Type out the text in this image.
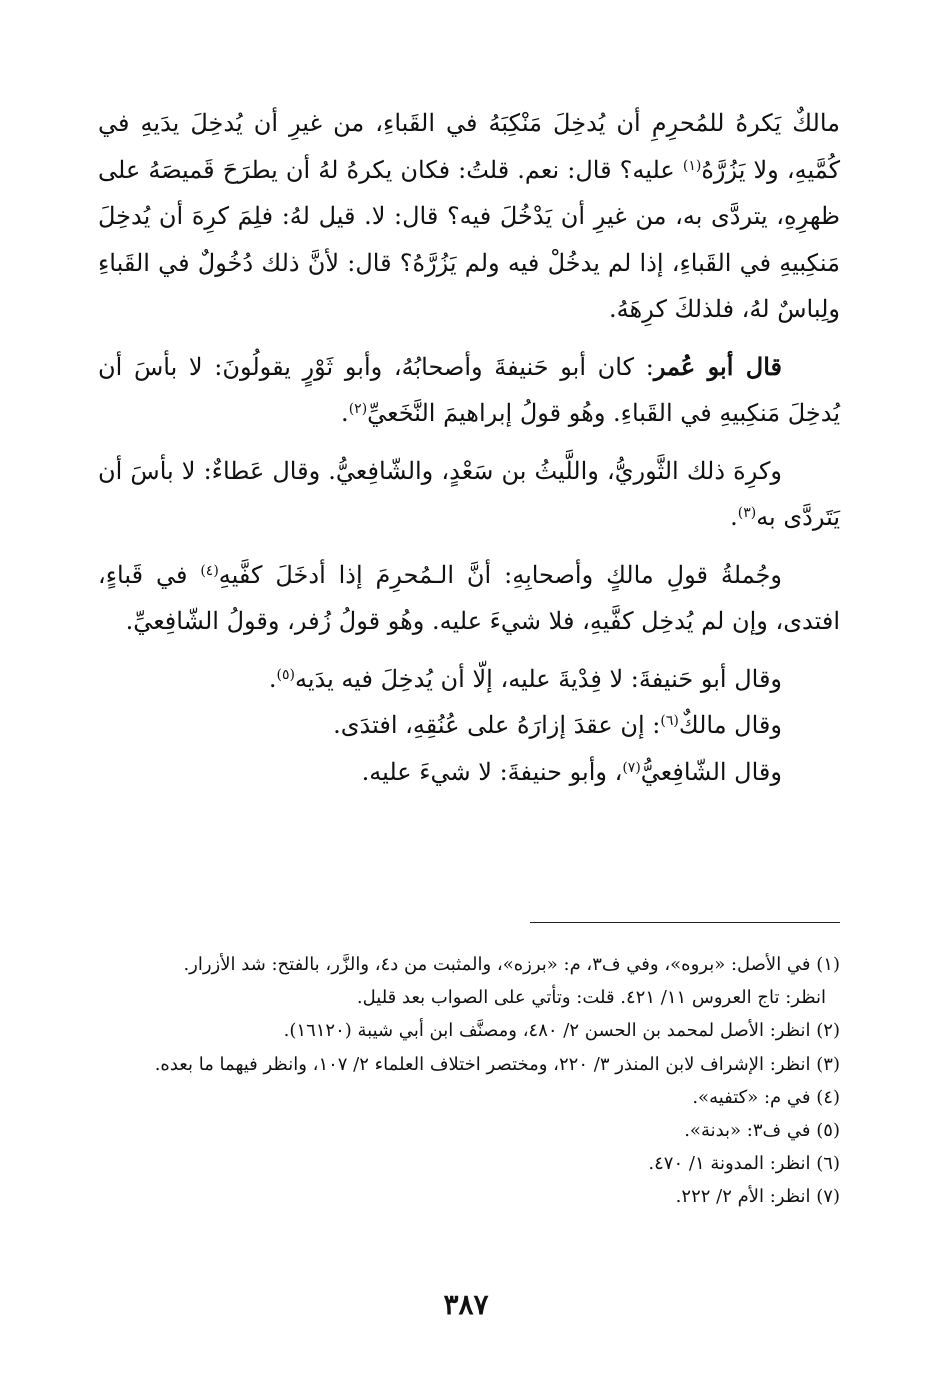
مالكٌ يَكرهُ للمُحرِمِ أن يُدخِلَ مَنْكِبَهُ في القَباءِ، من غيرِ أن يُدخِلَ يدَيهِ في كُمَّيهِ، ولا يَزُرَّهُ$^{(١)}$ عليه؟ قال: نعم. قلتُ: فكان يكرهُ لهُ أن يطرَحَ قَميصَهُ على ظهرِهِ، يتردَّى به، من غيرِ أن يَدْخُلَ فيه؟ قال: لا. قيل لهُ: فلِمَ كرِهَ أن يُدخِلَ مَنكِبيهِ في القَباءِ، إذا لم يدخُلْ فيه ولم يَزُرَّهُ؟ قال: لأنَّ ذلك دُخُولٌ في القَباءِ ولِباسٌ لهُ، فلذلكَ كرِهَهُ.

قال أبو عُمر: كان أبو حَنيفةَ وأصحابُهُ، وأبو ثَوْرٍ يقولُونَ: لا بأسَ أن يُدخِلَ مَنكِبيهِ في القَباءِ. وهُو قولُ إبراهيمَ النَّخَعيِّ$^{(٢)}$.

وكرِهَ ذلك الثَّوريُّ، واللَّيثُ بن سَعْدٍ، والشّافِعيُّ. وقال عَطاءٌ: لا بأسَ أن يَتَردَّى به$^{(٣)}$.

وجُملةُ قولِ مالكٍ وأصحابِهِ: أنَّ الـمُحرِمَ إذا أدخَلَ كفَّيهِ$^{(٤)}$ في قَباءٍ، افتدى، وإن لم يُدخِل كفَّيهِ، فلا شيءَ عليه. وهُو قولُ زُفر، وقولُ الشّافِعيِّ.

وقال أبو حَنيفةَ: لا فِدْيةَ عليه، إلّا أن يُدخِلَ فيه يدَيه$^{(٥)}$.

وقال مالكٌ$^{(٦)}$: إن عقدَ إزارَهُ على عُنُقِهِ، افتدَى.

وقال الشّافِعيُّ$^{(٧)}$، وأبو حنيفةَ: لا شيءَ عليه.

(١) في الأصل: «بروه»، وفي ف٣، م: «برزه»، والمثبت من د٤، والزَّر، بالفتح: شد الأزرار.

انظر: تاج العروس ١١/ ٤٢١. قلت: وتأتي على الصواب بعد قليل.

(٢) انظر: الأصل لمحمد بن الحسن ٢/ ٤٨٠، ومصنَّف ابن أبي شيبة (١٦١٢٠).

(٣) انظر: الإشراف لابن المنذر ٣/ ٢٢٠، ومختصر اختلاف العلماء ٢/ ١٠٧، وانظر فيهما ما بعده.

(٤) في م: «كتفيه».

(٥) في ف٣: «بدنة».

(٦) انظر: المدونة ١/ ٤٧٠.

(٧) انظر: الأم ٢/ ٢٢٢.

٣٨٧
